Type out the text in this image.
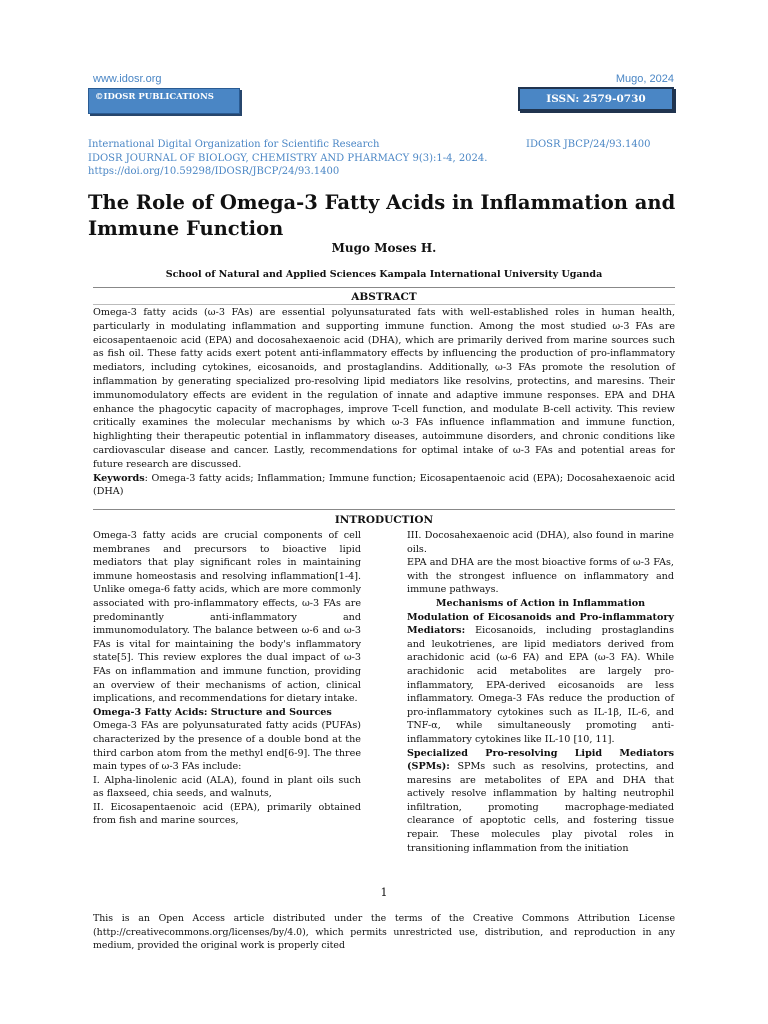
www.idosr.org	Mugo, 2024
©IDOSR PUBLICATIONS	ISSN: 2579-0730
International Digital Organization for Scientific Research	IDOSR JBCP/24/93.1400
IDOSR JOURNAL OF BIOLOGY, CHEMISTRY AND PHARMACY 9(3):1-4, 2024.
https://doi.org/10.59298/IDOSR/JBCP/24/93.1400
The Role of Omega-3 Fatty Acids in Inflammation and Immune Function
Mugo Moses H.
School of Natural and Applied Sciences Kampala International University Uganda
ABSTRACT
Omega-3 fatty acids (ω-3 FAs) are essential polyunsaturated fats with well-established roles in human health, particularly in modulating inflammation and supporting immune function. Among the most studied ω-3 FAs are eicosapentaenoic acid (EPA) and docosahexaenoic acid (DHA), which are primarily derived from marine sources such as fish oil. These fatty acids exert potent anti-inflammatory effects by influencing the production of pro-inflammatory mediators, including cytokines, eicosanoids, and prostaglandins. Additionally, ω-3 FAs promote the resolution of inflammation by generating specialized pro-resolving lipid mediators like resolvins, protectins, and maresins. Their immunomodulatory effects are evident in the regulation of innate and adaptive immune responses. EPA and DHA enhance the phagocytic capacity of macrophages, improve T-cell function, and modulate B-cell activity. This review critically examines the molecular mechanisms by which ω-3 FAs influence inflammation and immune function, highlighting their therapeutic potential in inflammatory diseases, autoimmune disorders, and chronic conditions like cardiovascular disease and cancer. Lastly, recommendations for optimal intake of ω-3 FAs and potential areas for future research are discussed.
Keywords: Omega-3 fatty acids; Inflammation; Immune function; Eicosapentaenoic acid (EPA); Docosahexaenoic acid (DHA)
INTRODUCTION

Omega-3 fatty acids are crucial components of cell membranes and precursors to bioactive lipid mediators that play significant roles in maintaining immune homeostasis and resolving inflammation[1-4]. Unlike omega-6 fatty acids, which are more commonly associated with pro-inflammatory effects, ω-3 FAs are predominantly anti-inflammatory and immunomodulatory. The balance between ω-6 and ω-3 FAs is vital for maintaining the body's inflammatory state[5]. This review explores the dual impact of ω-3 FAs on inflammation and immune function, providing an overview of their mechanisms of action, clinical implications, and recommendations for dietary intake.

Omega-3 Fatty Acids: Structure and Sources

Omega-3 FAs are polyunsaturated fatty acids (PUFAs) characterized by the presence of a double bond at the third carbon atom from the methyl end[6-9]. The three main types of ω-3 FAs include:

I. Alpha-linolenic acid (ALA), found in plant oils such as flaxseed, chia seeds, and walnuts,

II. Eicosapentaenoic acid (EPA), primarily obtained from fish and marine sources,

III. Docosahexaenoic acid (DHA), also found in marine oils.

EPA and DHA are the most bioactive forms of ω-3 FAs, with the strongest influence on inflammatory and immune pathways.

Mechanisms of Action in Inflammation

Modulation of Eicosanoids and Pro-inflammatory Mediators: Eicosanoids, including prostaglandins and leukotrienes, are lipid mediators derived from arachidonic acid (ω-6 FA) and EPA (ω-3 FA). While arachidonic acid metabolites are largely pro-inflammatory, EPA-derived eicosanoids are less inflammatory. Omega-3 FAs reduce the production of pro-inflammatory cytokines such as IL-1β, IL-6, and TNF-α, while simultaneously promoting anti-inflammatory cytokines like IL-10 [10, 11].

Specialized Pro-resolving Lipid Mediators (SPMs): SPMs such as resolvins, protectins, and maresins are metabolites of EPA and DHA that actively resolve inflammation by halting neutrophil infiltration, promoting macrophage-mediated clearance of apoptotic cells, and fostering tissue repair. These molecules play pivotal roles in transitioning inflammation from the initiation

1
This is an Open Access article distributed under the terms of the Creative Commons Attribution License (http://creativecommons.org/licenses/by/4.0), which permits unrestricted use, distribution, and reproduction in any medium, provided the original work is properly cited
